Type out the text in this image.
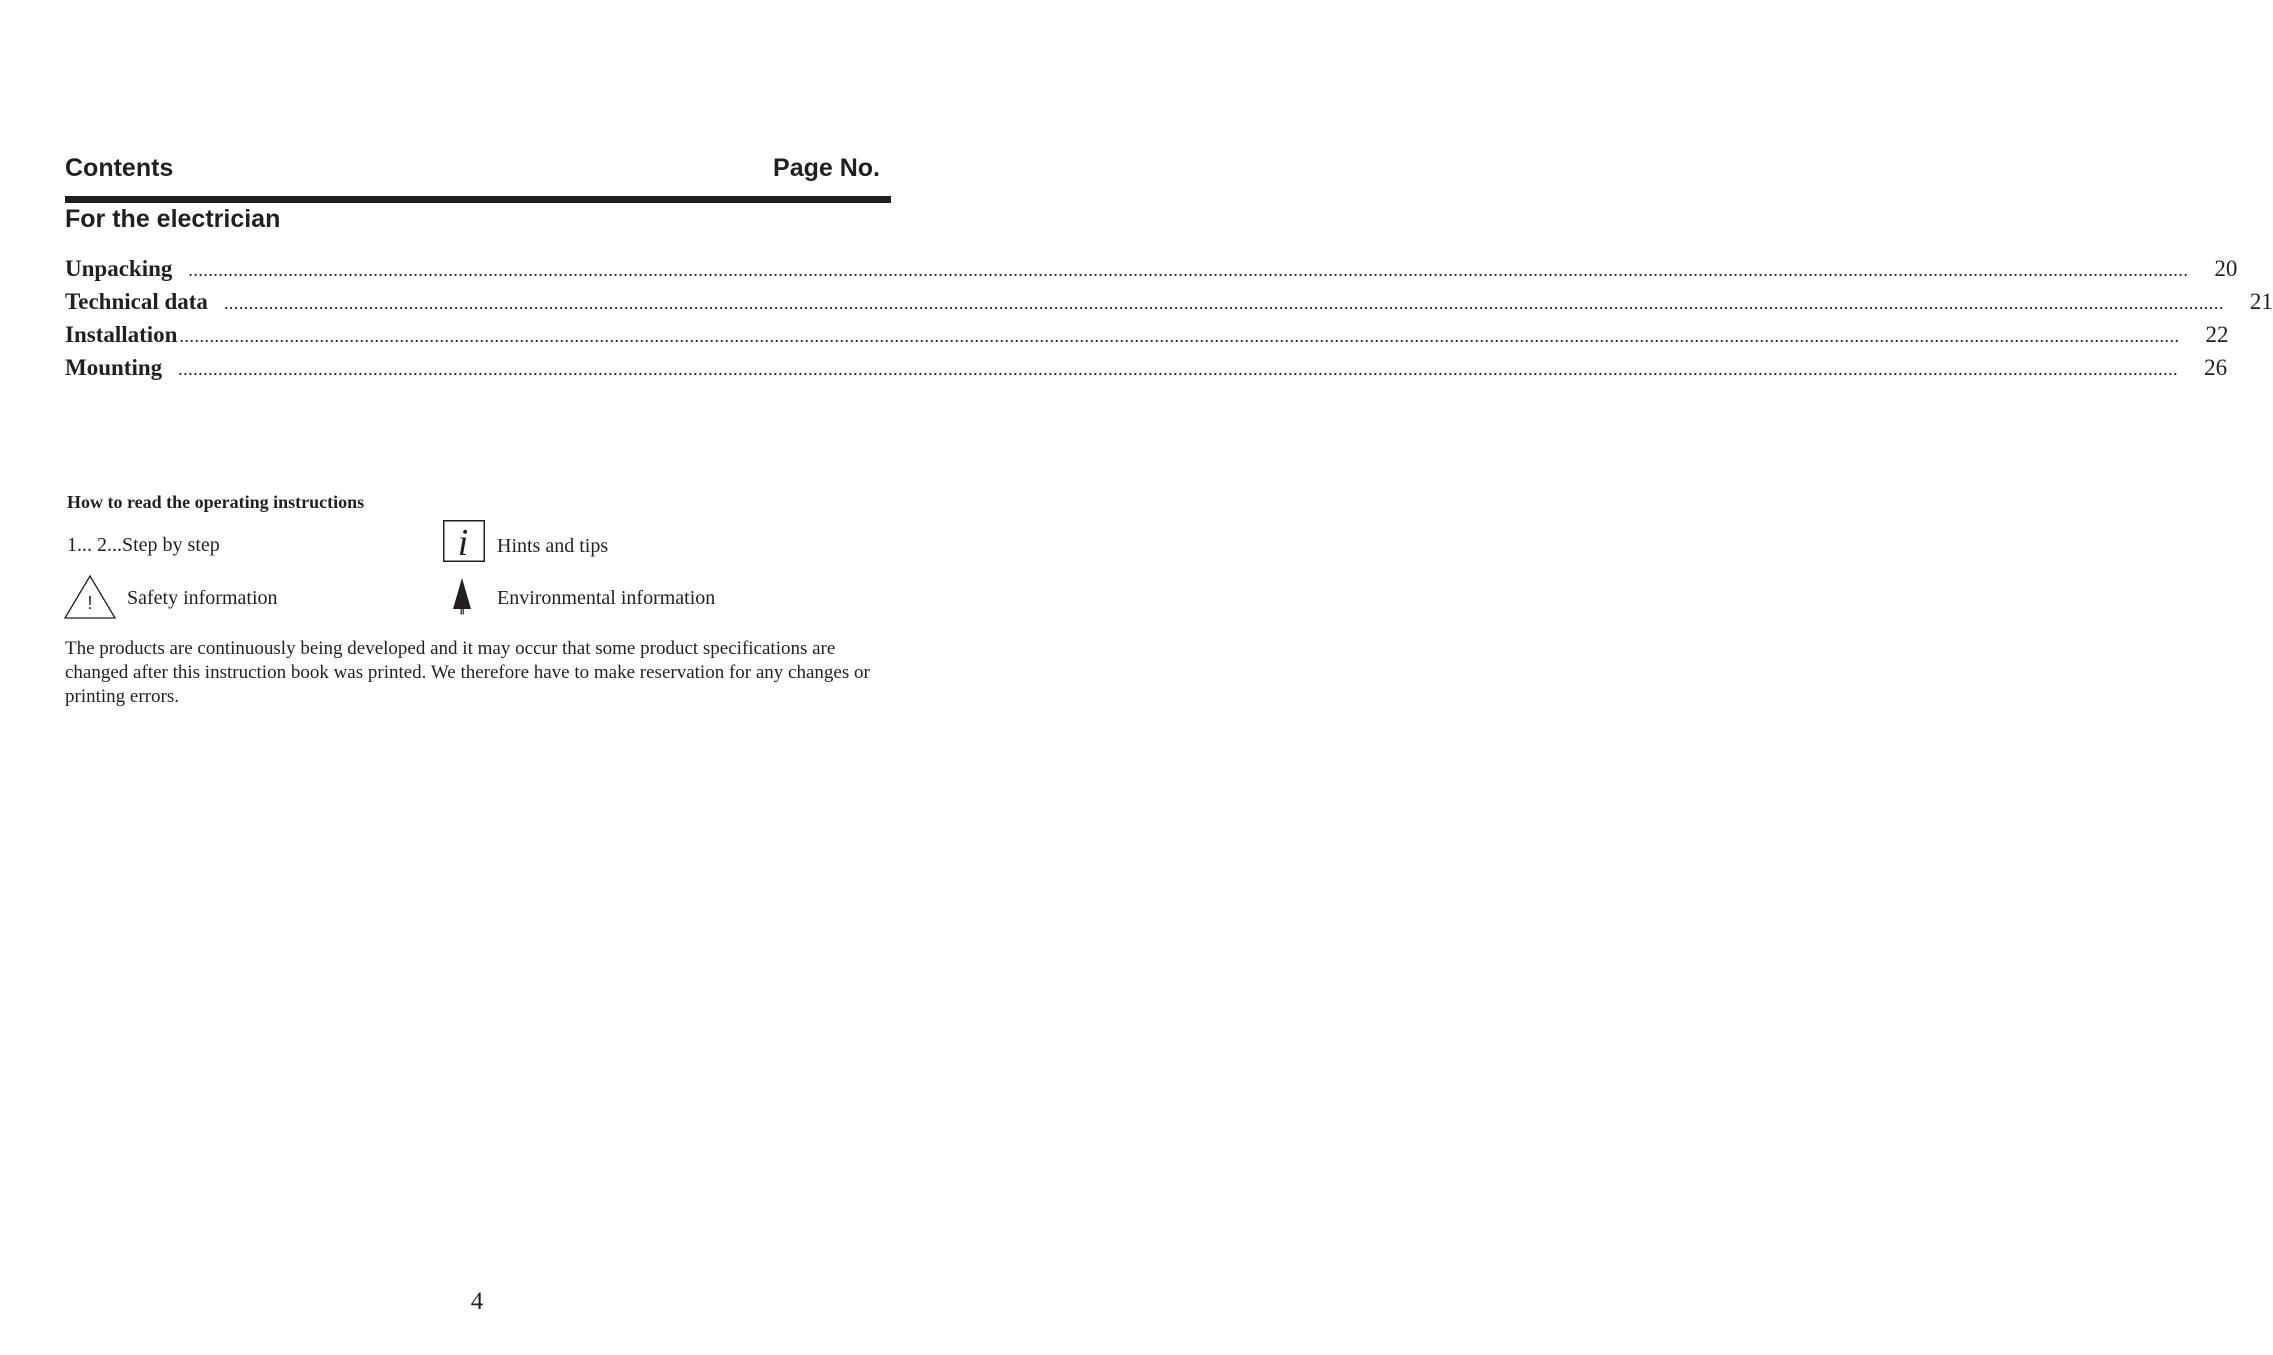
Contents	Page No.
For the electrician
Unpacking ................................................................................................................................................................................................................................................................................................................................................................................................................ 20
Technical data ................................................................................................................................................................................................................................................................................................................................................................................................................ 21
Installation ................................................................................................................................................................................................................................................................................................................................................................................................................ 22
Mounting ................................................................................................................................................................................................................................................................................................................................................................................................................ 26
How to read the operating instructions
1... 2...Step by step	i Hints and tips
! Safety information	Environmental information
The products are continuously being developed and it may occur that some product specifications are changed after this instruction book was printed. We therefore have to make reservation for any changes or printing errors.
4
